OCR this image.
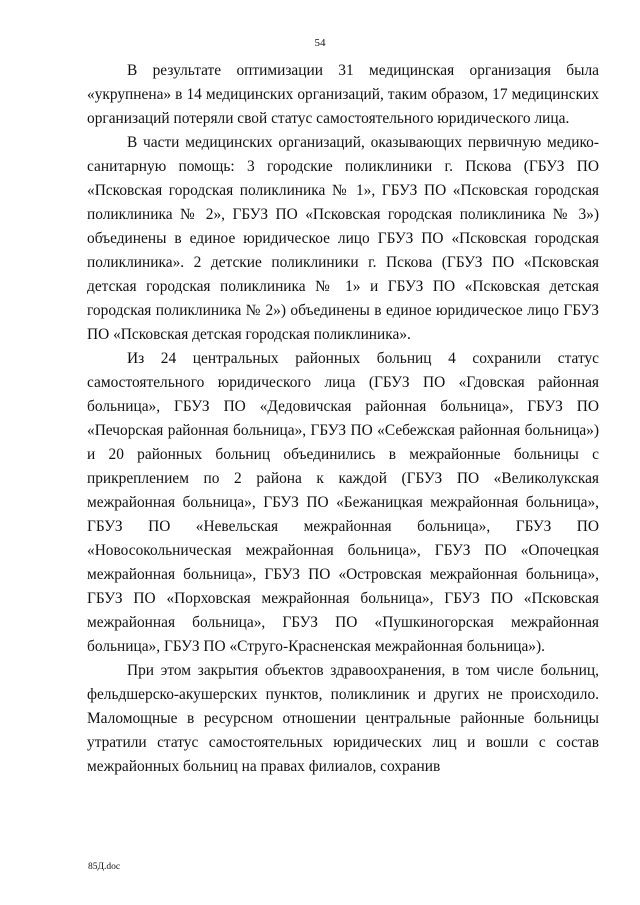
54

В результате оптимизации 31 медицинская организация была «укрупнена» в 14 медицинских организаций, таким образом, 17 медицинских организаций потеряли свой статус самостоятельного юридического лица.

В части медицинских организаций, оказывающих первичную медико-санитарную помощь: 3 городские поликлиники г. Пскова (ГБУЗ ПО «Псковская городская поликлиника № 1», ГБУЗ ПО «Псковская городская поликлиника № 2», ГБУЗ ПО «Псковская городская поликлиника № 3») объединены в единое юридическое лицо ГБУЗ ПО «Псковская городская поликлиника». 2 детские поликлиники г. Пскова (ГБУЗ ПО «Псковская детская городская поликлиника № 1» и ГБУЗ ПО «Псковская детская городская поликлиника № 2») объединены в единое юридическое лицо ГБУЗ ПО «Псковская детская городская поликлиника».

Из 24 центральных районных больниц 4 сохранили статус самостоятельного юридического лица (ГБУЗ ПО «Гдовская районная больница», ГБУЗ ПО «Дедовичская районная больница», ГБУЗ ПО «Печорская районная больница», ГБУЗ ПО «Себежская районная больница») и 20 районных больниц объединились в межрайонные больницы с прикреплением по 2 района к каждой (ГБУЗ ПО «Великолукская межрайонная больница», ГБУЗ ПО «Бежаницкая межрайонная больница», ГБУЗ ПО «Невельская межрайонная больница», ГБУЗ ПО «Новосокольническая межрайонная больница», ГБУЗ ПО «Опочецкая межрайонная больница», ГБУЗ ПО «Островская межрайонная больница», ГБУЗ ПО «Порховская межрайонная больница», ГБУЗ ПО «Псковская межрайонная больница», ГБУЗ ПО «Пушкиногорская межрайонная больница», ГБУЗ ПО «Струго-Красненская межрайонная больница»).

При этом закрытия объектов здравоохранения, в том числе больниц, фельдшерско-акушерских пунктов, поликлиник и других не происходило. Маломощные в ресурсном отношении центральные районные больницы утратили статус самостоятельных юридических лиц и вошли с состав межрайонных больниц на правах филиалов, сохранив

85Д.doc
